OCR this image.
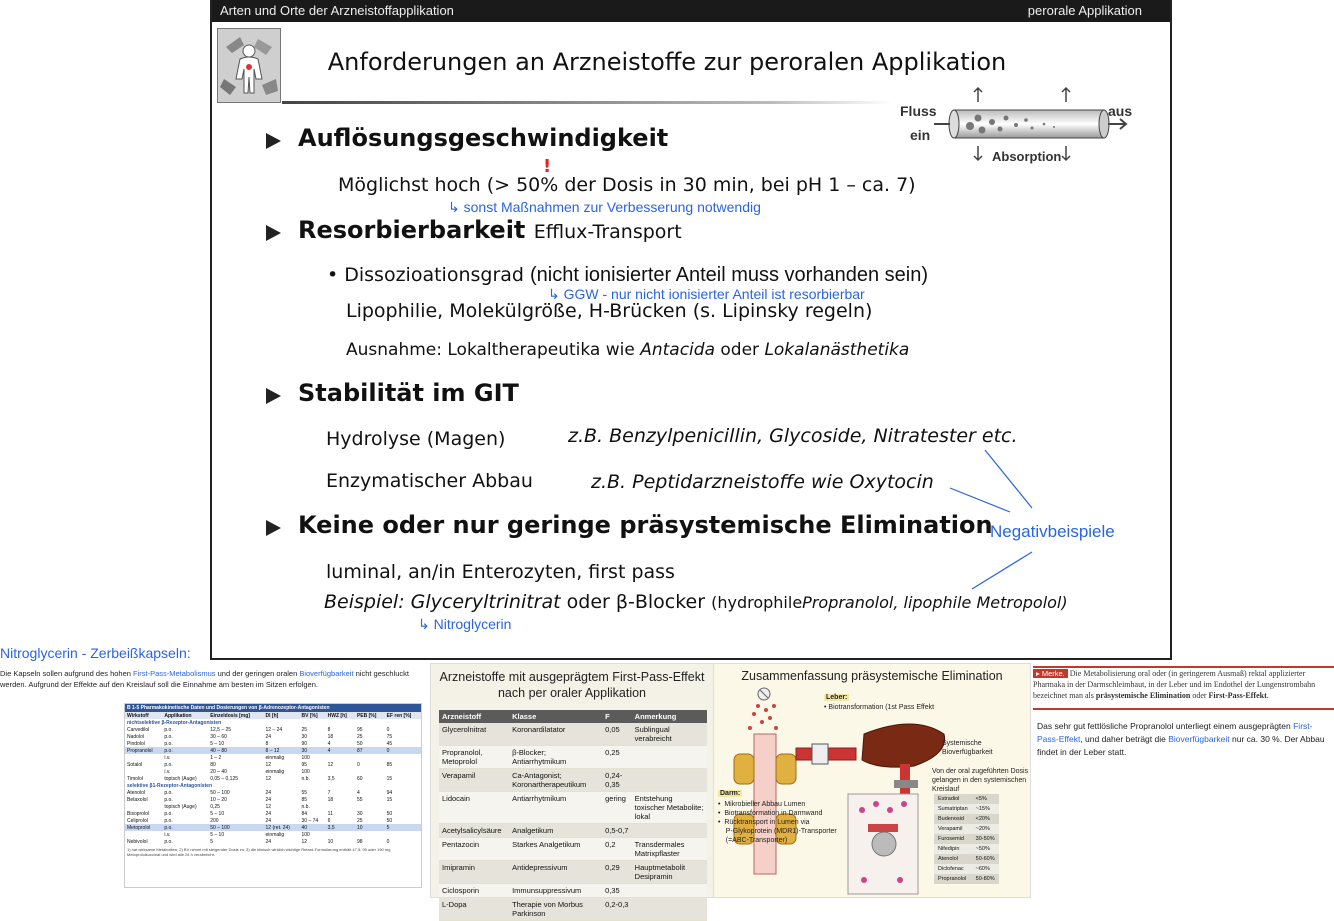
Arten und Orte der Arzneistoffapplikation	perorale Applikation
Anforderungen an Arzneistoffe zur peroralen Applikation
Fluss
ein
aus
Absorption
Auflösungsgeschwindigkeit
!
Möglichst hoch (> 50% der Dosis in 30 min, bei pH 1 – ca. 7)
↳ sonst Maßnahmen zur Verbesserung notwendig
Resorbierbarkeit Efflux-Transport
• Dissozioationsgrad (nicht ionisierter Anteil muss vorhanden sein)
↳ GGW - nur nicht ionisierter Anteil ist resorbierbar
Lipophilie, Molekülgröße, H-Brücken (s. Lipinsky regeln)
Ausnahme: Lokaltherapeutika wie Antacida oder Lokalanästhetika
Stabilität im GIT
Hydrolyse (Magen)	z.B. Benzylpenicillin, Glycoside, Nitratester etc.
Enzymatischer Abbau	z.B. Peptidarzneistoffe wie Oxytocin
Keine oder nur geringe präsystemische Elimination
Negativbeispiele
luminal, an/in Enterozyten, first pass
Beispiel: Glyceryltrinitrat oder β-Blocker (hydrophilePropranolol, lipophile Metropolol)
↳ Nitroglycerin
Nitroglycerin - Zerbeißkapseln:
Die Kapseln sollen aufgrund des hohen First-Pass-Metabolismus und der geringen oralen Bioverfügbarkeit nicht geschluckt werden. Aufgrund der Effekte auf den Kreislauf soll die Einnahme am besten im Sitzen erfolgen.
B 1-5 Pharmakokinetische Daten und Dosierungen von β-Adrenozeptor-Antagonisten
Wirkstoff	Applikation	Einzeldosis [mg]	DI [h]	BV [%]	HWZ [h]	PEB [%]	EF ren [%]
nichtselektive β-Rezeptor-Antagonisten							
Carvedilol	p.o.	12,5 – 25	12 – 24	25	8	95	0
Nadolol	p.o.	30 – 60	24	30	18	25	75
Pindolol	p.o.	5 – 10	8	90	4	50	45
Propranolol	p.o.	40 – 80	8 – 12	30	4	87	0
	i.v.	1 – 2	einmalig	100			
Sotalol	p.o.	80	12	95	12	0	85
	i.v.	20 – 40	einmalig	100			
Timolol	topisch (Auge)	0,05 – 0,125	12	n.b.	3,5	60	15
selektive β1-Rezeptor-Antagonisten							
Atenolol	p.o.	50 – 100	24	55	7	4	94
Betaxolol	p.o.	10 – 20	24	85	18	55	15
	topisch (Auge)	0,25	12	n.b.			
Bisoprolol	p.o.	5 – 10	24	84	11	30	50
Celiprolol	p.o.	200	24	30 – 74	6	25	50
Metoprolol	p.o.	50 – 100	12 (ret. 24)	40	3,5	10	5
	i.v.	5 – 10	einmalig	100			
Nebivolol	p.o.	5	24	12	10	98	0
1) hat wirksame Metaboliten; 2) BV nimmt mit steigender Dosis zu; 3) die klinisch wirklich wichtige Retard-Formulierung enthält 47,5, 95 oder 190 mg Metoprololsuccinat und wird alle 24 h verabreicht.
Arzneistoffe mit ausgeprägtem First-Pass-Effekt nach per oraler Applikation
Arzneistoff	Klasse	F	Anmerkung
Glycerolnitrat	Koronardilatator	0,05	Sublingual verabreicht
Propranolol, Metoprolol	β-Blocker; Antiarrhytmikum	0,25	
Verapamil	Ca-Antagonist; Koronartherapeutikum	0,24-0,35	
Lidocain	Antiarrhytmikum	gering	Entstehung toxischer Metabolite; lokal
Acetylsalicylsäure	Analgetikum	0,5-0,7	
Pentazocin	Starkes Analgetikum	0,2	Transdermales Matrixpflaster
Imipramin	Antidepressivum	0,29	Hauptmetabolit Desipramin
Ciclosporin	Immunsuppressivum	0,35	
L-Dopa	Therapie von Morbus Parkinson	0,2-0,3	
Zusammenfassung präsystemische Elimination
Leber:
• Biotransformation (1st Pass Effekt
Systemische
Bioverfügbarkeit
Von der oral zugeführten Dosis
gelangen in den systemischen
Kreislauf
Darm:
•  Mikrobieller Abbau Lumen
•  Biotransformation in Darmwand
•  Rücktransport in Lumen via
P-Glykoprotein (MDR1)-Transporter
(=ABC-Transporter)
Estradiol	<5%
Sumatriptan	~15%
Budenosid	<20%
Verapamil	~20%
Furosemid	30-50%
Nifedipin	~50%
Atenolol	50-60%
Diclofenac	~60%
Propranolol	50-80%
▸ Merke. Die Metabolisierung oral oder (in geringerem Ausmaß) rektal applizierter Pharmaka in der Darmschleimhaut, in der Leber und im Endothel der Lungenstrombahn bezeichnet man als präsystemische Elimination oder First-Pass-Effekt.
Das sehr gut fettlösliche Propranolol unterliegt einem ausgeprägten First-Pass-Effekt, und daher beträgt die Bioverfügbarkeit nur ca. 30 %. Der Abbau findet in der Leber statt.
